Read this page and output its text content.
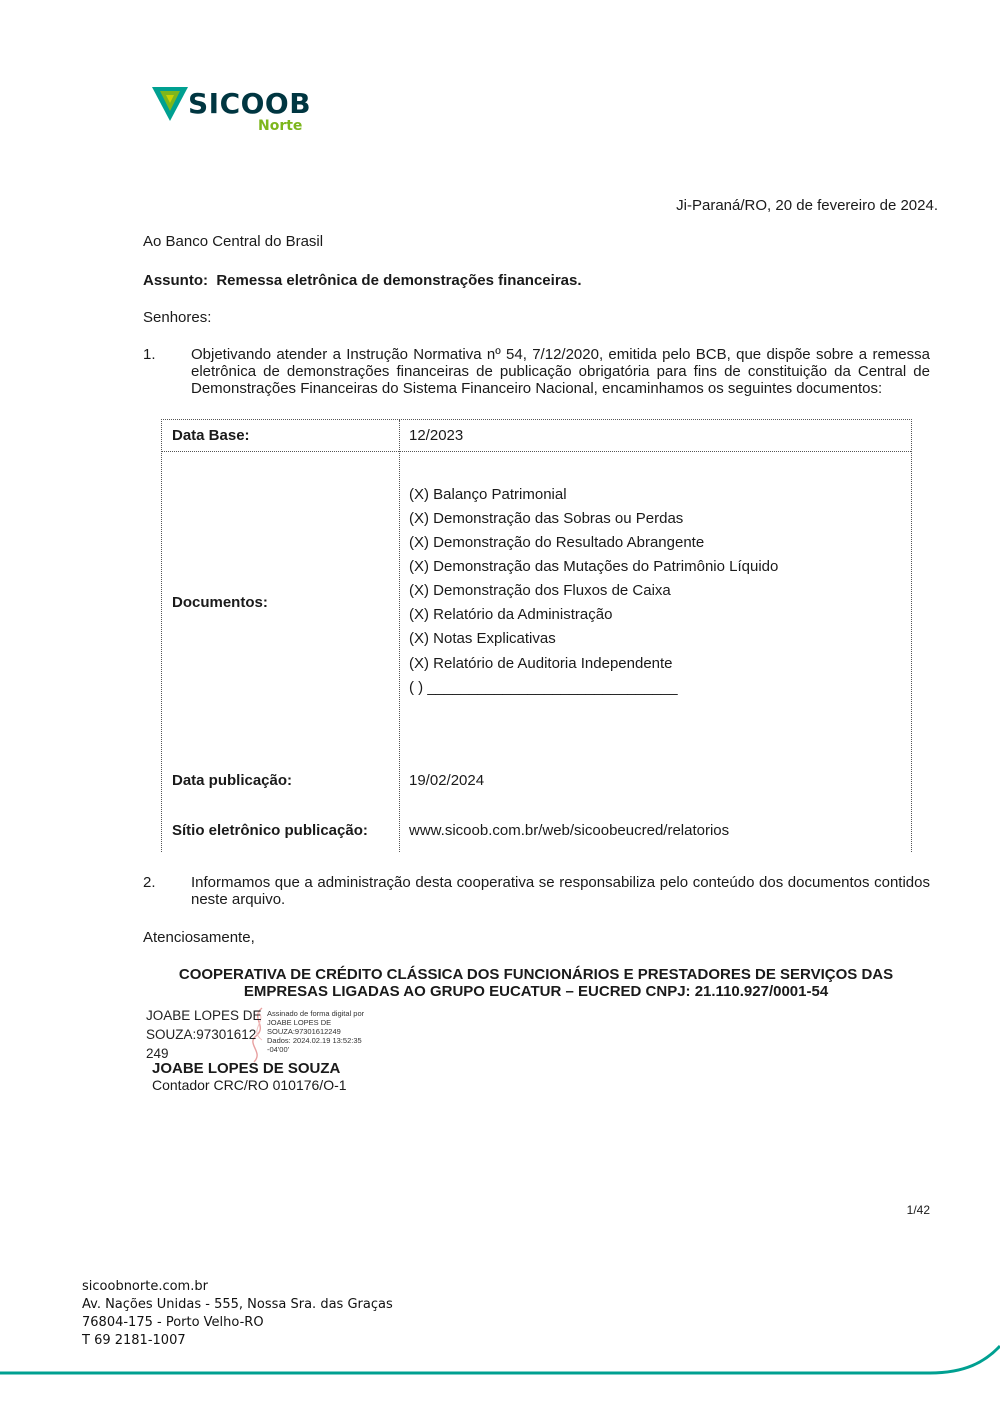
SICOOB
Norte
Ji-Paraná/RO, 20 de fevereiro de 2024.
Ao Banco Central do Brasil
Assunto: Remessa eletrônica de demonstrações financeiras.
Senhores:
1. Objetivando atender a Instrução Normativa nº 54, 7/12/2020, emitida pelo BCB, que dispõe sobre a remessa
eletrônica de demonstrações financeiras de publicação obrigatória para fins de constituição da Central de
Demonstrações Financeiras do Sistema Financeiro Nacional, encaminhamos os seguintes documentos:
Data Base:	12/2023
Documentos:
(X) Balanço Patrimonial
(X) Demonstração das Sobras ou Perdas
(X) Demonstração do Resultado Abrangente
(X) Demonstração das Mutações do Patrimônio Líquido
(X) Demonstração dos Fluxos de Caixa
(X) Relatório da Administração
(X) Notas Explicativas
(X) Relatório de Auditoria Independente
( ) ______________________________
Data publicação:	19/02/2024
Sítio eletrônico publicação:	www.sicoob.com.br/web/sicoobeucred/relatorios
2. Informamos que a administração desta cooperativa se responsabiliza pelo conteúdo dos documentos contidos
neste arquivo.
Atenciosamente,
COOPERATIVA DE CRÉDITO CLÁSSICA DOS FUNCIONÁRIOS E PRESTADORES DE SERVIÇOS DAS
EMPRESAS LIGADAS AO GRUPO EUCATUR – EUCRED CNPJ: 21.110.927/0001-54
JOABE LOPES DE
SOUZA:97301612
249
Assinado de forma digital por
JOABE LOPES DE
SOUZA:97301612249
Dados: 2024.02.19 13:52:35
-04'00'
JOABE LOPES DE SOUZA
Contador CRC/RO 010176/O-1
1/42
sicoobnorte.com.br
Av. Nações Unidas - 555, Nossa Sra. das Graças
76804-175 - Porto Velho-RO
T 69 2181-1007
